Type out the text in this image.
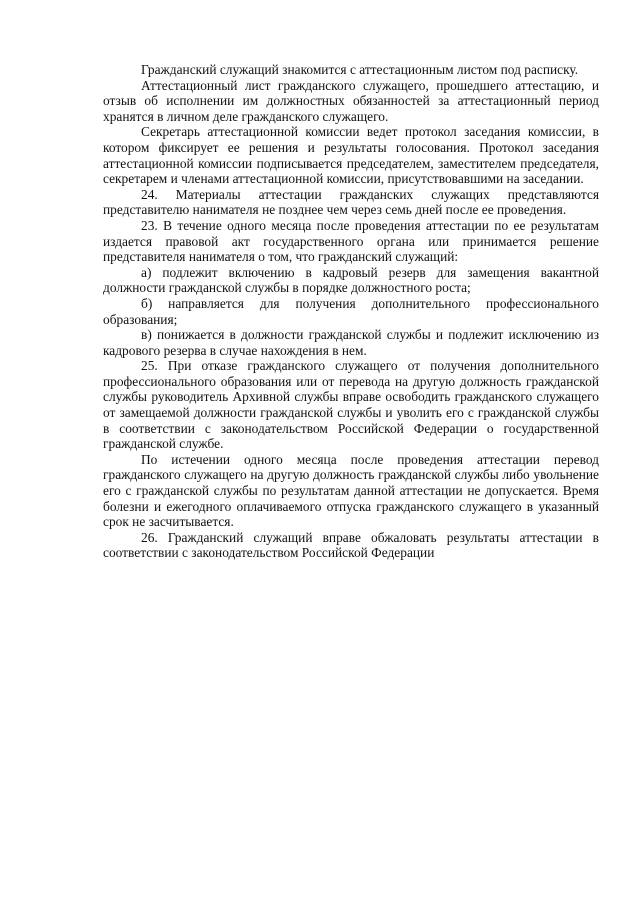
Гражданский служащий знакомится с аттестационным листом под расписку.

Аттестационный лист гражданского служащего, прошедшего аттестацию, и отзыв об исполнении им должностных обязанностей за аттестационный период хранятся в личном деле гражданского служащего.

Секретарь аттестационной комиссии ведет протокол заседания комиссии, в котором фиксирует ее решения и результаты голосования. Протокол заседания аттестационной комиссии подписывается председателем, заместителем председателя, секретарем и членами аттестационной комиссии, присутствовавшими на заседании.

24. Материалы аттестации гражданских служащих представляются представителю нанимателя не позднее чем через семь дней после ее проведения.

23. В течение одного месяца после проведения аттестации по ее результатам издается правовой акт государственного органа или принимается решение представителя нанимателя о том, что гражданский служащий:

а) подлежит включению в кадровый резерв для замещения вакантной должности гражданской службы в порядке должностного роста;

б) направляется для получения дополнительного профессионального образования;

в) понижается в должности гражданской службы и подлежит исключению из кадрового резерва в случае нахождения в нем.

25. При отказе гражданского служащего от получения дополнительного профессионального образования или от перевода на другую должность гражданской службы руководитель Архивной службы вправе освободить гражданского служащего от замещаемой должности гражданской службы и уволить его с гражданской службы в соответствии с законодательством Российской Федерации о государственной гражданской службе.

По истечении одного месяца после проведения аттестации перевод гражданского служащего на другую должность гражданской службы либо увольнение его с гражданской службы по результатам данной аттестации не допускается. Время болезни и ежегодного оплачиваемого отпуска гражданского служащего в указанный срок не засчитывается.

26. Гражданский служащий вправе обжаловать результаты аттестации в соответствии с законодательством Российской Федерации
